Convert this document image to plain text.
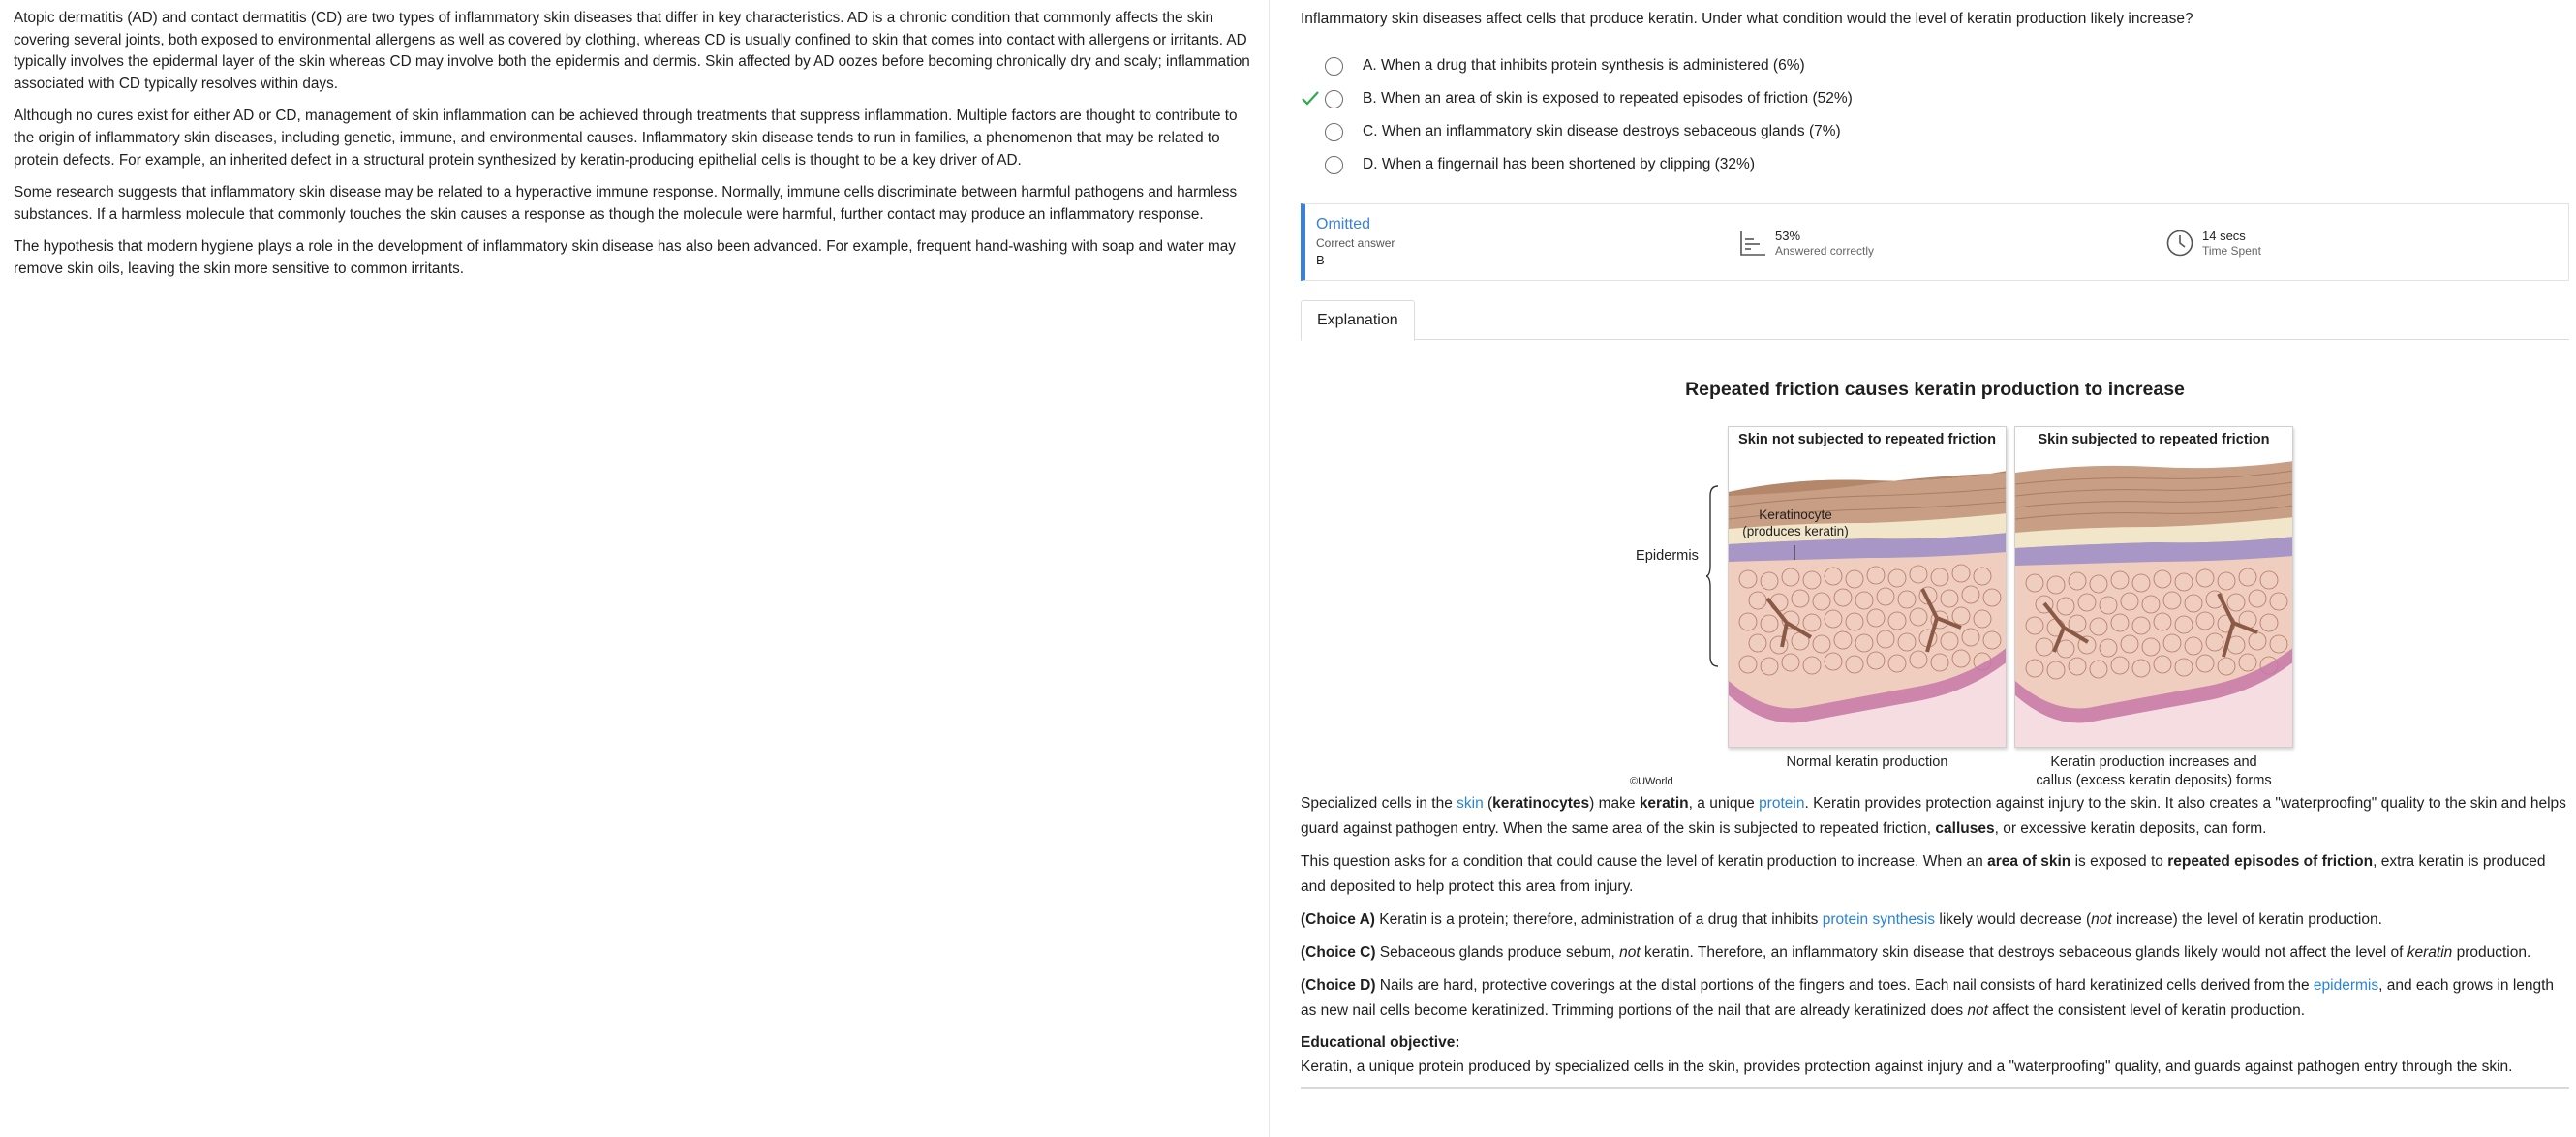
Atopic dermatitis (AD) and contact dermatitis (CD) are two types of inflammatory skin diseases that differ in key characteristics. AD is a chronic condition that commonly affects the skin covering several joints, both exposed to environmental allergens as well as covered by clothing, whereas CD is usually confined to skin that comes into contact with allergens or irritants. AD typically involves the epidermal layer of the skin whereas CD may involve both the epidermis and dermis. Skin affected by AD oozes before becoming chronically dry and scaly; inflammation associated with CD typically resolves within days.

Although no cures exist for either AD or CD, management of skin inflammation can be achieved through treatments that suppress inflammation. Multiple factors are thought to contribute to the origin of inflammatory skin diseases, including genetic, immune, and environmental causes. Inflammatory skin disease tends to run in families, a phenomenon that may be related to protein defects. For example, an inherited defect in a structural protein synthesized by keratin-producing epithelial cells is thought to be a key driver of AD.

Some research suggests that inflammatory skin disease may be related to a hyperactive immune response. Normally, immune cells discriminate between harmful pathogens and harmless substances. If a harmless molecule that commonly touches the skin causes a response as though the molecule were harmful, further contact may produce an inflammatory response.

The hypothesis that modern hygiene plays a role in the development of inflammatory skin disease has also been advanced. For example, frequent hand-washing with soap and water may remove skin oils, leaving the skin more sensitive to common irritants.

Inflammatory skin diseases affect cells that produce keratin. Under what condition would the level of keratin production likely increase?
A.
When a drug that inhibits protein synthesis is administered
(6%)
B.
When an area of skin is exposed to repeated episodes of friction
(52%)
C.
When an inflammatory skin disease destroys sebaceous glands
(7%)
D.
When a fingernail has been shortened by clipping
(32%)
Omitted
Correct answer
B
53%
Answered correctly
14 secs
Time Spent
Explanation
Repeated friction causes keratin production to increase
Epidermis
Skin not subjected to repeated friction
Keratinocyte
(produces keratin)
Skin subjected to repeated friction
Normal keratin production	Keratin production increases and
callus (excess keratin deposits) forms
©UWorld

Specialized cells in the skin (keratinocytes) make keratin, a unique protein. Keratin provides protection against injury to the skin. It also creates a "waterproofing" quality to the skin and helps guard against pathogen entry. When the same area of the skin is subjected to repeated friction, calluses, or excessive keratin deposits, can form.

This question asks for a condition that could cause the level of keratin production to increase. When an area of skin is exposed to repeated episodes of friction, extra keratin is produced and deposited to help protect this area from injury.

(Choice A) Keratin is a protein; therefore, administration of a drug that inhibits protein synthesis likely would decrease (not increase) the level of keratin production.

(Choice C) Sebaceous glands produce sebum, not keratin. Therefore, an inflammatory skin disease that destroys sebaceous glands likely would not affect the level of keratin production.

(Choice D) Nails are hard, protective coverings at the distal portions of the fingers and toes. Each nail consists of hard keratinized cells derived from the epidermis, and each grows in length as new nail cells become keratinized. Trimming portions of the nail that are already keratinized does not affect the consistent level of keratin production.

Educational objective:
Keratin, a unique protein produced by specialized cells in the skin, provides protection against injury and a "waterproofing" quality, and guards against pathogen entry through the skin.
